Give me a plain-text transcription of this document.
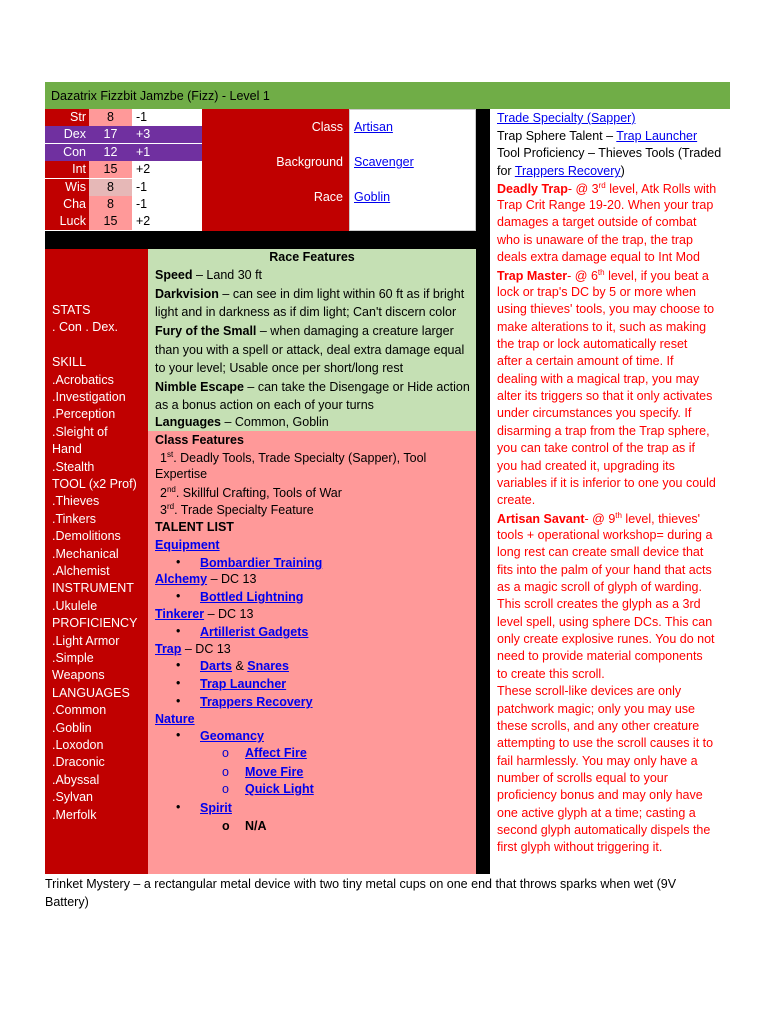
Dazatrix Fizzbit Jamzbe (Fizz) - Level 1
Str	8	-1
Dex	17	+3
Con	12	+1
Int	15	+2
Wis	8	-1
Cha	8	-1
Luck	15	+2
Class Artisan
Background Scavenger
Race Goblin
STATS
. Con . Dex.
SKILL
.Acrobatics
.Investigation
.Perception
.Sleight of
Hand
.Stealth
TOOL (x2 Prof)
.Thieves
.Tinkers
.Demolitions
.Mechanical
.Alchemist
INSTRUMENT
.Ukulele
PROFICIENCY
.Light Armor
.Simple
Weapons
LANGUAGES
.Common
.Goblin
.Loxodon
.Draconic
.Abyssal
.Sylvan
.Merfolk
Race Features
Speed – Land 30 ft
Darkvision – can see in dim light within 60 ft as if bright
light and in darkness as if dim light; Can't discern color
Fury of the Small – when damaging a creature larger
than you with a spell or attack, deal extra damage equal
to your level; Usable once per short/long rest
Nimble Escape – can take the Disengage or Hide action
as a bonus action on each of your turns
Languages – Common, Goblin
Class Features
1st. Deadly Tools, Trade Specialty (Sapper), Tool
Expertise
2nd. Skillful Crafting, Tools of War
3rd. Trade Specialty Feature
TALENT LIST
Equipment
• Bombardier Training
Alchemy – DC 13
• Bottled Lightning
Tinkerer – DC 13
• Artillerist Gadgets
Trap – DC 13
• Darts & Snares
• Trap Launcher
• Trappers Recovery
Nature
• Geomancy
o Affect Fire
o Move Fire
o Quick Light
• Spirit
o N/A
Trade Specialty (Sapper)
Trap Sphere Talent – Trap Launcher
Tool Proficiency – Thieves Tools (Traded
for Trappers Recovery)
Deadly Trap- @ 3rd level, Atk Rolls with
Trap Crit Range 19-20. When your trap
damages a target outside of combat
who is unaware of the trap, the trap
deals extra damage equal to Int Mod
Trap Master- @ 6th level, if you beat a
lock or trap's DC by 5 or more when
using thieves' tools, you may choose to
make alterations to it, such as making
the trap or lock automatically reset
after a certain amount of time. If
dealing with a magical trap, you may
alter its triggers so that it only activates
under circumstances you specify. If
disarming a trap from the Trap sphere,
you can take control of the trap as if
you had created it, upgrading its
variables if it is inferior to one you could
create.
Artisan Savant- @ 9th level, thieves'
tools + operational workshop= during a
long rest can create small device that
fits into the palm of your hand that acts
as a magic scroll of glyph of warding.
This scroll creates the glyph as a 3rd
level spell, using sphere DCs. This can
only create explosive runes. You do not
need to provide material components
to create this scroll.
These scroll-like devices are only
patchwork magic; only you may use
these scrolls, and any other creature
attempting to use the scroll causes it to
fail harmlessly. You may only have a
number of scrolls equal to your
proficiency bonus and may only have
one active glyph at a time; casting a
second glyph automatically dispels the
first glyph without triggering it.
Trinket Mystery – a rectangular metal device with two tiny metal cups on one end that throws sparks when wet (9V
Battery)
